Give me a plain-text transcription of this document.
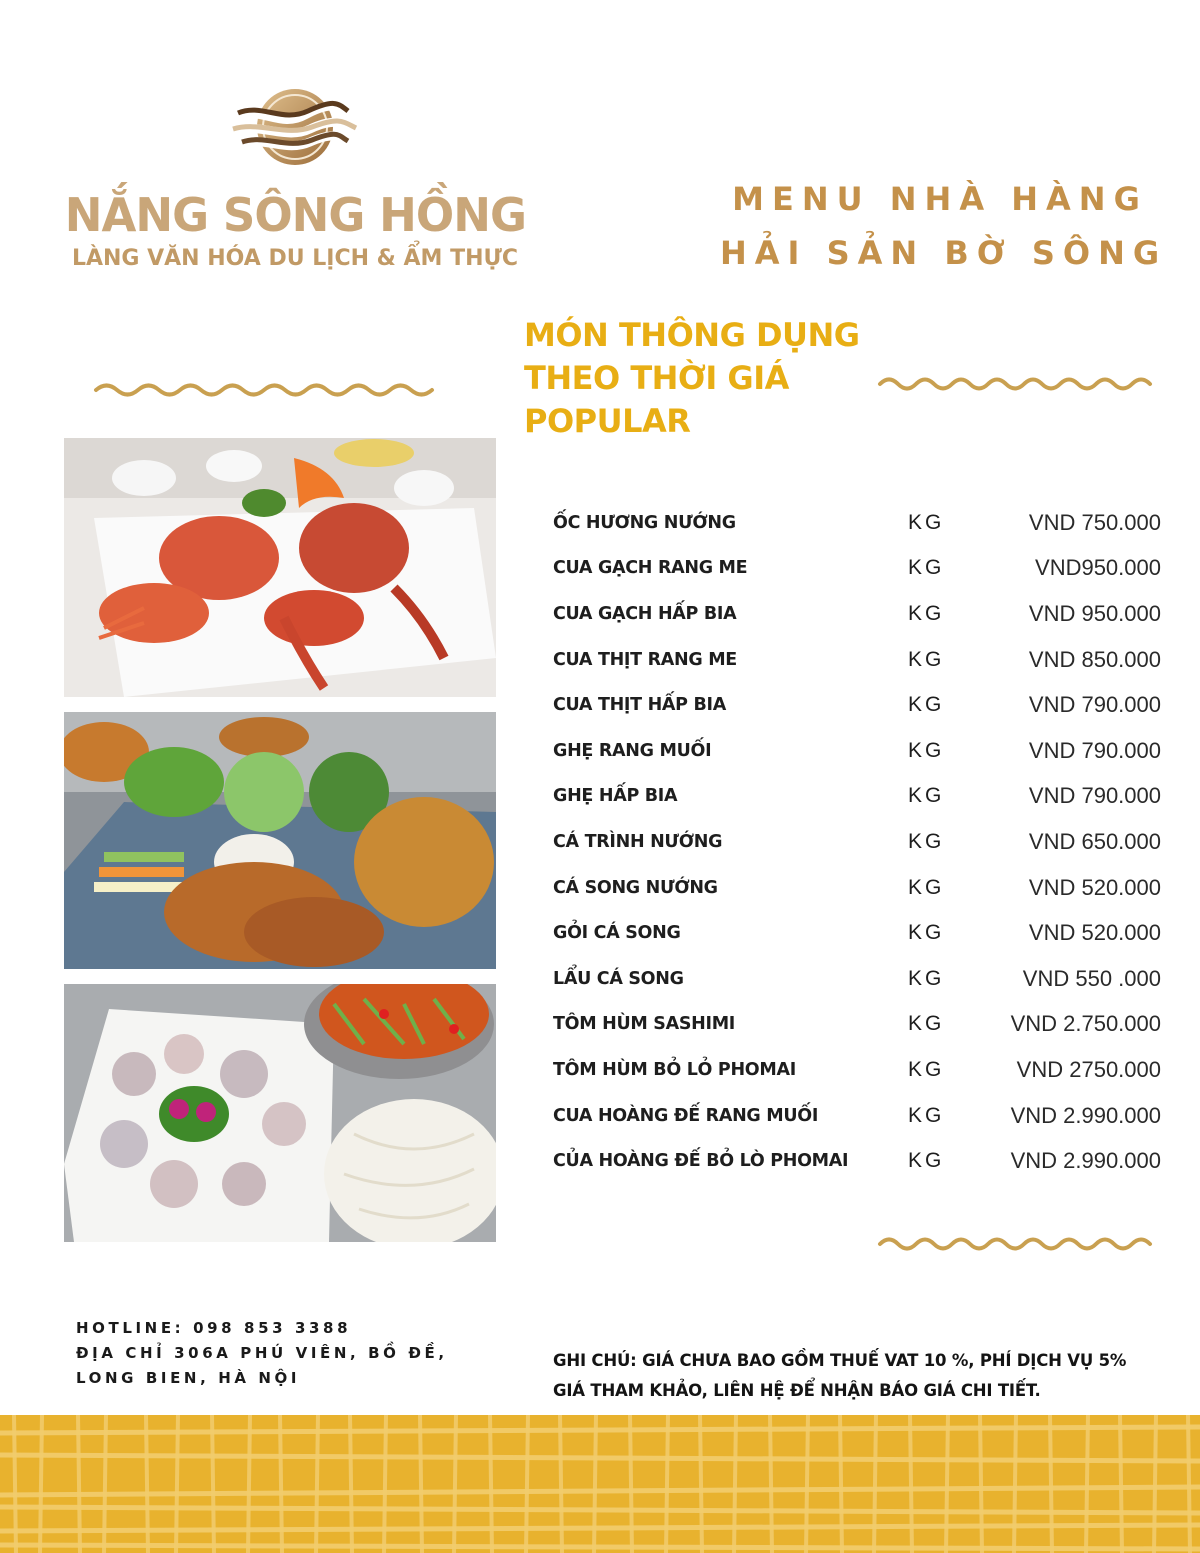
NẮNG SÔNG HỒNG
LÀNG VĂN HÓA DU LỊCH & ẨM THỰC
MENU NHÀ HÀNG
HẢI SẢN BỜ SÔNG
MÓN THÔNG DỤNG
THEO THỜI GIÁ
POPULAR
ỐC HƯƠNG NƯỚNG	KG	VND 750.000
CUA GẠCH RANG ME	KG	VND950.000
CUA GẠCH HẤP BIA	KG	VND 950.000
CUA THỊT RANG ME	KG	VND 850.000
CUA THỊT HẤP BIA	KG	VND 790.000
GHẸ RANG MUỐI	KG	VND 790.000
GHẸ HẤP BIA	KG	VND 790.000
CÁ TRÌNH NƯỚNG	KG	VND 650.000
CÁ SONG NƯỚNG	KG	VND 520.000
GỎI CÁ SONG	KG	VND 520.000
LẨU CÁ SONG	KG	VND 550 .000
TÔM HÙM SASHIMI	KG	VND 2.750.000
TÔM HÙM BỎ LỎ PHOMAI	KG	VND 2750.000
CUA HOÀNG ĐẾ RANG MUỐI	KG	VND 2.990.000
CỦA HOÀNG ĐẾ BỎ LÒ PHOMAI	KG	VND 2.990.000
HOTLINE: 098 853 3388
ĐỊA CHỈ 306A PHÚ VIÊN, BỒ ĐỀ,
LONG BIEN, HÀ NỘI
GHI CHÚ: GIÁ CHƯA BAO GỒM THUẾ VAT 10 %, PHÍ DỊCH VỤ 5%
GIÁ THAM KHẢO, LIÊN HỆ ĐỂ NHẬN BÁO GIÁ CHI TIẾT.
